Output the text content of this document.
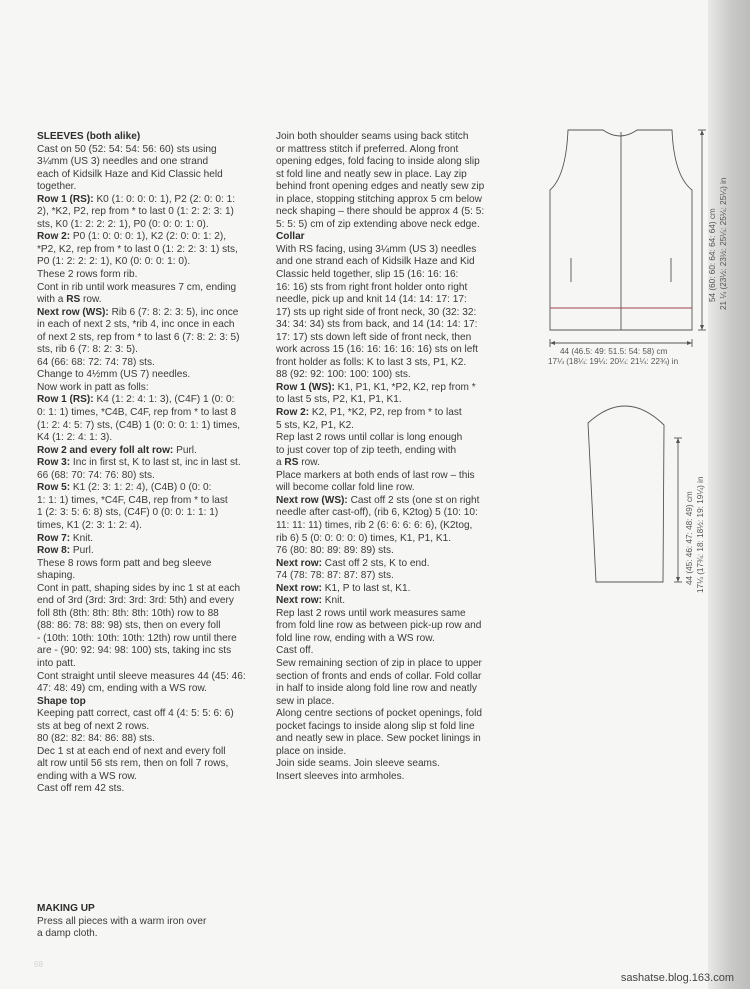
SLEEVES (both alike)

Cast on 50 (52: 54: 54: 56: 60) sts using

3¼mm (US 3) needles and one strand

each of Kidsilk Haze and Kid Classic held

together.

Row 1 (RS): K0 (1: 0: 0: 0: 1), P2 (2: 0: 0: 1:

2), *K2, P2, rep from * to last 0 (1: 2: 2: 3: 1)

sts, K0 (1: 2: 2: 2: 1), P0 (0: 0: 0: 1: 0).

Row 2: P0 (1: 0: 0: 0: 1), K2 (2: 0: 0: 1: 2),

*P2, K2, rep from * to last 0 (1: 2: 2: 3: 1) sts,

P0 (1: 2: 2: 2: 1), K0 (0: 0: 0: 1: 0).

These 2 rows form rib.

Cont in rib until work measures 7 cm, ending

with a RS row.

Next row (WS): Rib 6 (7: 8: 2: 3: 5), inc once

in each of next 2 sts, *rib 4, inc once in each

of next 2 sts, rep from * to last 6 (7: 8: 2: 3: 5)

sts, rib 6 (7: 8: 2: 3: 5).

64 (66: 68: 72: 74: 78) sts.

Change to 4½mm (US 7) needles.

Now work in patt as folls:

Row 1 (RS): K4 (1: 2: 4: 1: 3), (C4F) 1 (0: 0:

0: 1: 1) times, *C4B, C4F, rep from * to last 8

(1: 2: 4: 5: 7) sts, (C4B) 1 (0: 0: 0: 1: 1) times,

K4 (1: 2: 4: 1: 3).

Row 2 and every foll alt row: Purl.

Row 3: Inc in first st, K to last st, inc in last st.

66 (68: 70: 74: 76: 80) sts.

Row 5: K1 (2: 3: 1: 2: 4), (C4B) 0 (0: 0:

1: 1: 1) times, *C4F, C4B, rep from * to last

1 (2: 3: 5: 6: 8) sts, (C4F) 0 (0: 0: 1: 1: 1)

times, K1 (2: 3: 1: 2: 4).

Row 7: Knit.

Row 8: Purl.

These 8 rows form patt and beg sleeve

shaping.

Cont in patt, shaping sides by inc 1 st at each

end of 3rd (3rd: 3rd: 3rd: 3rd: 5th) and every

foll 8th (8th: 8th: 8th: 8th: 10th) row to 88

(88: 86: 78: 88: 98) sts, then on every foll

- (10th: 10th: 10th: 10th: 12th) row until there

are - (90: 92: 94: 98: 100) sts, taking inc sts

into patt.

Cont straight until sleeve measures 44 (45: 46:

47: 48: 49) cm, ending with a WS row.

Shape top

Keeping patt correct, cast off 4 (4: 5: 5: 6: 6)

sts at beg of next 2 rows.

80 (82: 82: 84: 86: 88) sts.

Dec 1 st at each end of next and every foll

alt row until 56 sts rem, then on foll 7 rows,

ending with a WS row.

Cast off rem 42 sts.

MAKING UP

Press all pieces with a warm iron over

a damp cloth.

Join both shoulder seams using back stitch

or mattress stitch if preferred. Along front

opening edges, fold facing to inside along slip

st fold line and neatly sew in place. Lay zip

behind front opening edges and neatly sew zip

in place, stopping stitching approx 5 cm below

neck shaping – there should be approx 4 (5: 5:

5: 5: 5) cm of zip extending above neck edge.

Collar

With RS facing, using 3¼mm (US 3) needles

and one strand each of Kidsilk Haze and Kid

Classic held together, slip 15 (16: 16: 16:

16: 16) sts from right front holder onto right

needle, pick up and knit 14 (14: 14: 17: 17:

17) sts up right side of front neck, 30 (32: 32:

34: 34: 34) sts from back, and 14 (14: 14: 17:

17: 17) sts down left side of front neck, then

work across 15 (16: 16: 16: 16: 16) sts on left

front holder as folls: K to last 3 sts, P1, K2.

88 (92: 92: 100: 100: 100) sts.

Row 1 (WS): K1, P1, K1, *P2, K2, rep from *

to last 5 sts, P2, K1, P1, K1.

Row 2: K2, P1, *K2, P2, rep from * to last

5 sts, K2, P1, K2.

Rep last 2 rows until collar is long enough

to just cover top of zip teeth, ending with

a RS row.

Place markers at both ends of last row – this

will become collar fold line row.

Next row (WS): Cast off 2 sts (one st on right

needle after cast-off), (rib 6, K2tog) 5 (10: 10:

11: 11: 11) times, rib 2 (6: 6: 6: 6: 6), (K2tog,

rib 6) 5 (0: 0: 0: 0: 0) times, K1, P1, K1.

76 (80: 80: 89: 89: 89) sts.

Next row: Cast off 2 sts, K to end.

74 (78: 78: 87: 87: 87) sts.

Next row: K1, P to last st, K1.

Next row: Knit.

Rep last 2 rows until work measures same

from fold line row as between pick-up row and

fold line row, ending with a WS row.

Cast off.

Sew remaining section of zip in place to upper

section of fronts and ends of collar. Fold collar

in half to inside along fold line row and neatly

sew in place.

Along centre sections of pocket openings, fold

pocket facings to inside along slip st fold line

and neatly sew in place. Sew pocket linings in

place on inside.

Join side seams. Join sleeve seams.

Insert sleeves into armholes.

44 (46.5: 49: 51.5: 54: 58) cm
17¼ (18¼: 19¼: 20¼: 21¼: 22¾) in
54 (60: 60: 64: 64: 64) cm 21 ¼ (23½: 23½: 25¼: 25¼: 25¼) in
44 (45: 46: 47: 48: 49) cm 17¼ (17¾: 18: 18½: 19: 19¼) in
68
sashatse.blog.163.com
